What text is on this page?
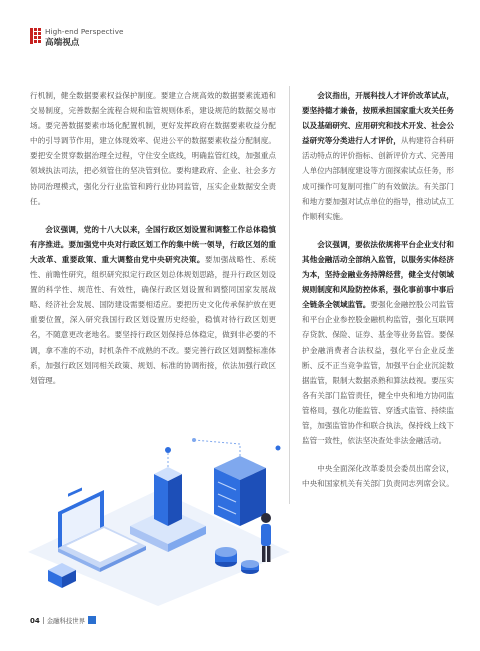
High-end Perspective
高端视点

行机制，健全数据要素权益保护制度。要建立合规高效的数据要素流通和交易制度，完善数据全流程合规和监管规则体系，建设规范的数据交易市场。要完善数据要素市场化配置机制，更好发挥政府在数据要素收益分配中的引导调节作用，建立体现效率、促进公平的数据要素收益分配制度。要把安全贯穿数据治理全过程，守住安全底线，明确监管红线，加强重点领域执法司法，把必须管住的坚决管到位。要构建政府、企业、社会多方协同治理模式，强化分行业监管和跨行业协同监管，压实企业数据安全责任。

会议强调，党的十八大以来，全国行政区划设置和调整工作总体稳慎有序推进。要加强党中央对行政区划工作的集中统一领导，行政区划的重大改革、重要政策、重大调整由党中央研究决策。要加强战略性、系统性、前瞻性研究，组织研究拟定行政区划总体规划思路，提升行政区划设置的科学性、规范性、有效性，确保行政区划设置和调整同国家发展战略、经济社会发展、国防建设需要相适应。要把历史文化传承保护放在更重要位置，深入研究我国行政区划设置历史经验，稳慎对待行政区划更名，不随意更改老地名。要坚持行政区划保持总体稳定，做到非必要的不调，拿不准的不动，时机条件不成熟的不改。要完善行政区划调整标准体系，加强行政区划同相关政策、规划、标准的协调衔接，依法加强行政区划管理。

会议指出，开展科技人才评价改革试点，要坚持德才兼备，按照承担国家重大攻关任务以及基础研究、应用研究和技术开发、社会公益研究等分类进行人才评价，从构建符合科研活动特点的评价指标、创新评价方式、完善用人单位内部制度建设等方面探索试点任务，形成可操作可复制可推广的有效做法。有关部门和地方要加强对试点单位的指导，推动试点工作顺利实施。

会议强调，要依法依规将平台企业支付和其他金融活动全部纳入监管，以服务实体经济为本，坚持金融业务持牌经营，健全支付领域规则制度和风险防控体系，强化事前事中事后全链条全领域监管。要强化金融控股公司监管和平台企业参控股金融机构监管，强化互联网存贷款、保险、证券、基金等业务监管。要保护金融消费者合法权益，强化平台企业反垄断、反不正当竞争监管，加强平台企业沉淀数据监管，限制大数据杀熟和算法歧视。要压实各有关部门监管责任，健全中央和地方协同监管格局，强化功能监管、穿透式监管、持续监管，加强监管协作和联合执法，保持线上线下监管一致性，依法坚决查处非法金融活动。

中央全面深化改革委员会委员出席会议，中央和国家机关有关部门负责同志列席会议。

04 金融科技世界
